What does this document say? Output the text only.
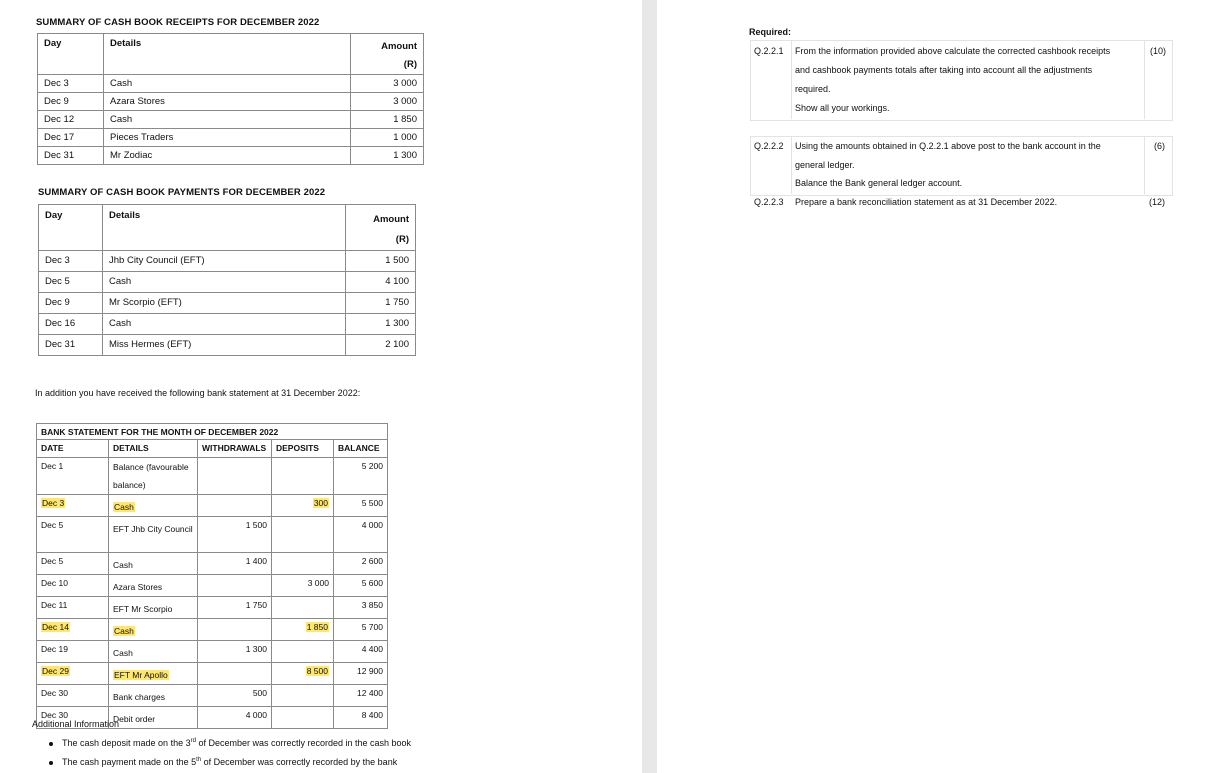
SUMMARY OF CASH BOOK RECEIPTS FOR DECEMBER 2022
Day	Details	Amount
(R)

Dec 3	Cash	3 000
Dec 9	Azara Stores	3 000
Dec 12	Cash	1 850
Dec 17	Pieces Traders	1 000
Dec 31	Mr Zodiac	1 300
SUMMARY OF CASH BOOK PAYMENTS FOR DECEMBER 2022
Day	Details	Amount
(R)

Dec 3	Jhb City Council (EFT)	1 500
Dec 5	Cash	4 100
Dec 9	Mr Scorpio (EFT)	1 750
Dec 16	Cash	1 300
Dec 31	Miss Hermes (EFT)	2 100
In addition you have received the following bank statement at 31 December 2022:
BANK STATEMENT FOR THE MONTH OF DECEMBER 2022				
DATE	DETAILS	WITHDRAWALS	DEPOSITS	BALANCE
Dec 1	Balance (favourable
balance)			5 200
Dec 3	Cash		300	5 500
Dec 5	EFT Jhb City Council	1 500		4 000
Dec 5	Cash	1 400		2 600
Dec 10	Azara Stores		3 000	5 600
Dec 11	EFT Mr Scorpio	1 750		3 850
Dec 14	Cash		1 850	5 700
Dec 19	Cash	1 300		4 400
Dec 29	EFT Mr Apollo		8 500	12 900
Dec 30	Bank charges	500		12 400
Dec 30	Debit order	4 000		8 400
Additional Information
The cash deposit made on the 3rd of December was correctly recorded in the cash book
The cash payment made on the 5th of December was correctly recorded by the bank
Required:
Q.2.2.1 From the information provided above calculate the corrected cashbook receipts
and cashbook payments totals after taking into account all the adjustments
required.
Show all your workings.
(10)
Q.2.2.2 Using the amounts obtained in Q.2.2.1 above post to the bank account in the
general ledger.
Balance the Bank general ledger account.
(6)
Q.2.2.3 Prepare a bank reconciliation statement as at 31 December 2022.	(12)
